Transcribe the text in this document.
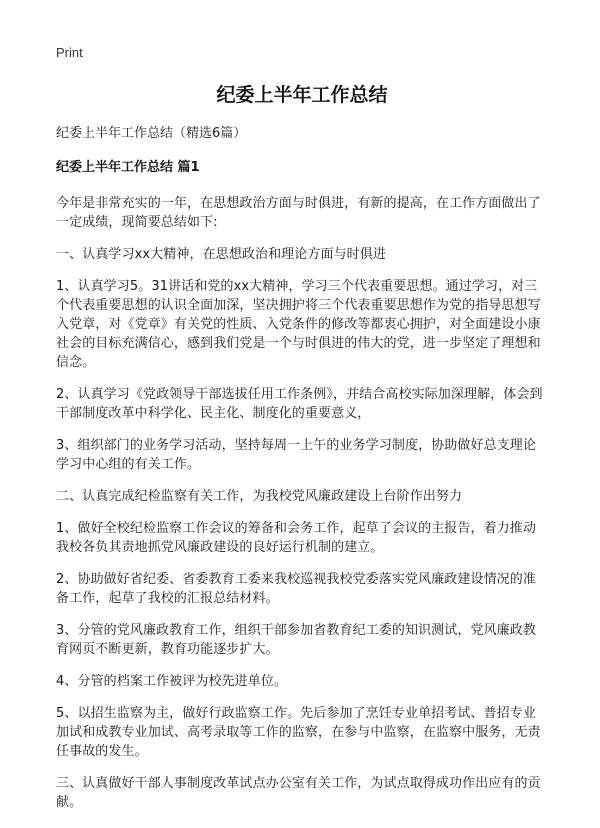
Print

纪委上半年工作总结

纪委上半年工作总结（精选6篇）

纪委上半年工作总结 篇1

今年是非常充实的一年，在思想政治方面与时俱进，有新的提高，在工作方面做出了一定成绩，现简要总结如下:

一、认真学习xx大精神，在思想政治和理论方面与时俱进

1、认真学习5。31讲话和党的xx大精神，学习三个代表重要思想。通过学习，对三个代表重要思想的认识全面加深，坚决拥护将三个代表重要思想作为党的指导思想写入党章，对《党章》有关党的性质、入党条件的修改等都衷心拥护，对全面建设小康社会的目标充满信心，感到我们党是一个与时俱进的伟大的党，进一步坚定了理想和信念。

2、认真学习《党政领导干部选拔任用工作条例》，并结合高校实际加深理解，体会到干部制度改革中科学化、民主化、制度化的重要意义，

3、组织部门的业务学习活动，坚持每周一上午的业务学习制度，协助做好总支理论学习中心组的有关工作。

二、认真完成纪检监察有关工作，为我校党风廉政建设上台阶作出努力

1、做好全校纪检监察工作会议的筹备和会务工作，起草了会议的主报告，着力推动我校各负其责地抓党风廉政建设的良好运行机制的建立。

2、协助做好省纪委、省委教育工委来我校巡视我校党委落实党风廉政建设情况的准备工作，起草了我校的汇报总结材料。

3、分管的党风廉政教育工作，组织干部参加省教育纪工委的知识测试，党风廉政教育网页不断更新，教育功能逐步扩大。

4、分管的档案工作被评为校先进单位。

5、以招生监察为主，做好行政监察工作。先后参加了烹饪专业单招考试、普招专业加试和成教专业加试、高考录取等工作的监察，在参与中监察，在监察中服务，无责任事故的发生。

三、认真做好干部人事制度改革试点办公室有关工作，为试点取得成功作出应有的贡献。
